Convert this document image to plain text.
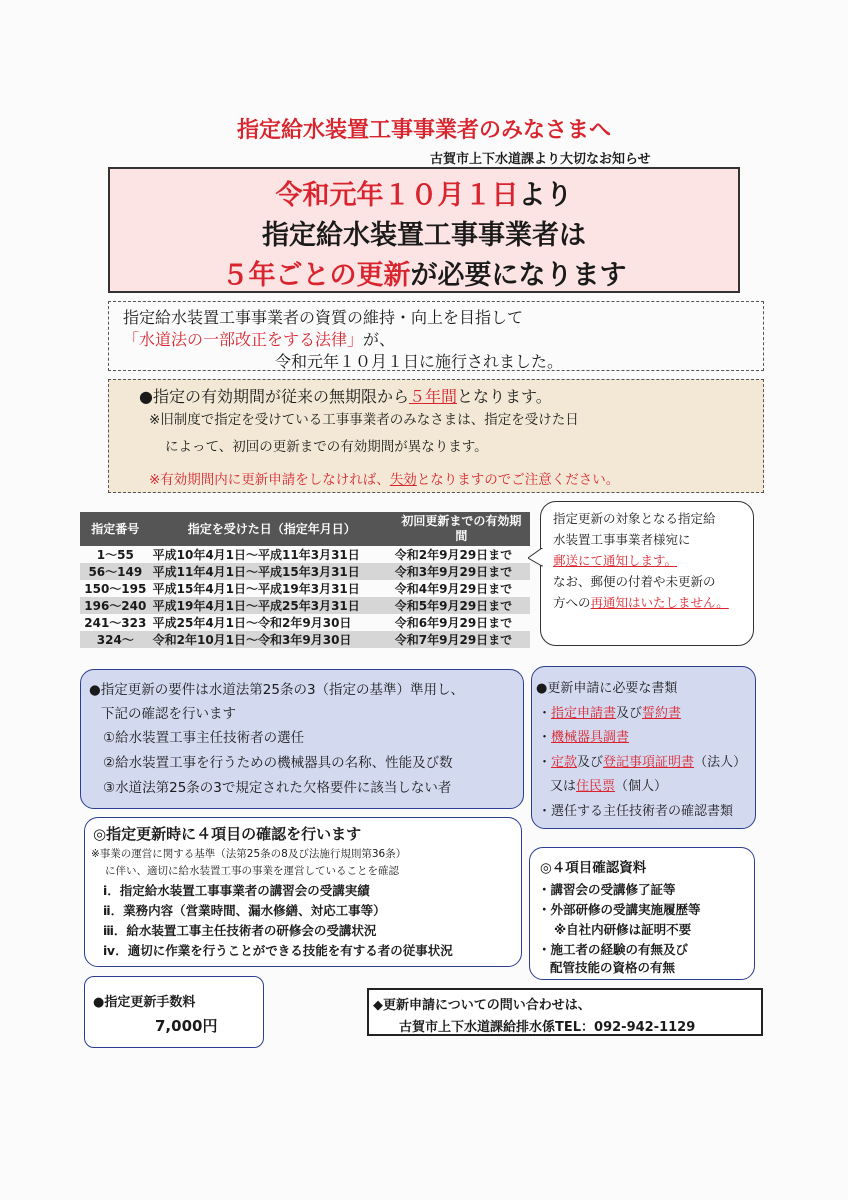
指定給水装置工事事業者のみなさまへ
古賀市上下水道課より大切なお知らせ
令和元年１０月１日より
指定給水装置工事事業者は
５年ごとの更新が必要になります
指定給水装置工事事業者の資質の維持・向上を目指して
「水道法の一部改正をする法律」が、
令和元年１０月１日に施行されました。
●指定の有効期間が従来の無期限から５年間となります。
※旧制度で指定を受けている工事事業者のみなさまは、指定を受けた日
によって、初回の更新までの有効期間が異なります。
※有効期間内に更新申請をしなければ、失効となりますのでご注意ください。
指定番号	指定を受けた日（指定年月日）	初回更新までの有効期間
1～55	平成10年4月1日～平成11年3月31日	令和2年9月29日まで
56～149	平成11年4月1日～平成15年3月31日	令和3年9月29日まで
150～195	平成15年4月1日～平成19年3月31日	令和4年9月29日まで
196～240	平成19年4月1日～平成25年3月31日	令和5年9月29日まで
241～323	平成25年4月1日～令和2年9月30日	令和6年9月29日まで
324～	令和2年10月1日～令和3年9月30日	令和7年9月29日まで
指定更新の対象となる指定給
水装置工事事業者様宛に
郵送にて通知します。
なお、郵便の付着や未更新の
方への再通知はいたしません。
●指定更新の要件は水道法第25条の3（指定の基準）準用し、
下記の確認を行います
①給水装置工事主任技術者の選任
②給水装置工事を行うための機械器具の名称、性能及び数
③水道法第25条の3で規定された欠格要件に該当しない者
●更新申請に必要な書類
・指定申請書及び誓約書
・機械器具調書
・定款及び登記事項証明書（法人）
又は住民票（個人）
・選任する主任技術者の確認書類
◎指定更新時に４項目の確認を行います
※事業の運営に関する基準（法第25条の8及び法施行規則第36条）
に伴い、適切に給水装置工事の事業を運営していることを確認
ⅰ．指定給水装置工事事業者の講習会の受講実績
ⅱ．業務内容（営業時間、漏水修繕、対応工事等）
ⅲ．給水装置工事主任技術者の研修会の受講状況
ⅳ．適切に作業を行うことができる技能を有する者の従事状況
◎４項目確認資料
・講習会の受講修了証等
・外部研修の受講実施履歴等
※自社内研修は証明不要
・施工者の経験の有無及び
配管技能の資格の有無
●指定更新手数料
7,000円
◆更新申請についての問い合わせは、
古賀市上下水道課給排水係TEL：092-942-1129
